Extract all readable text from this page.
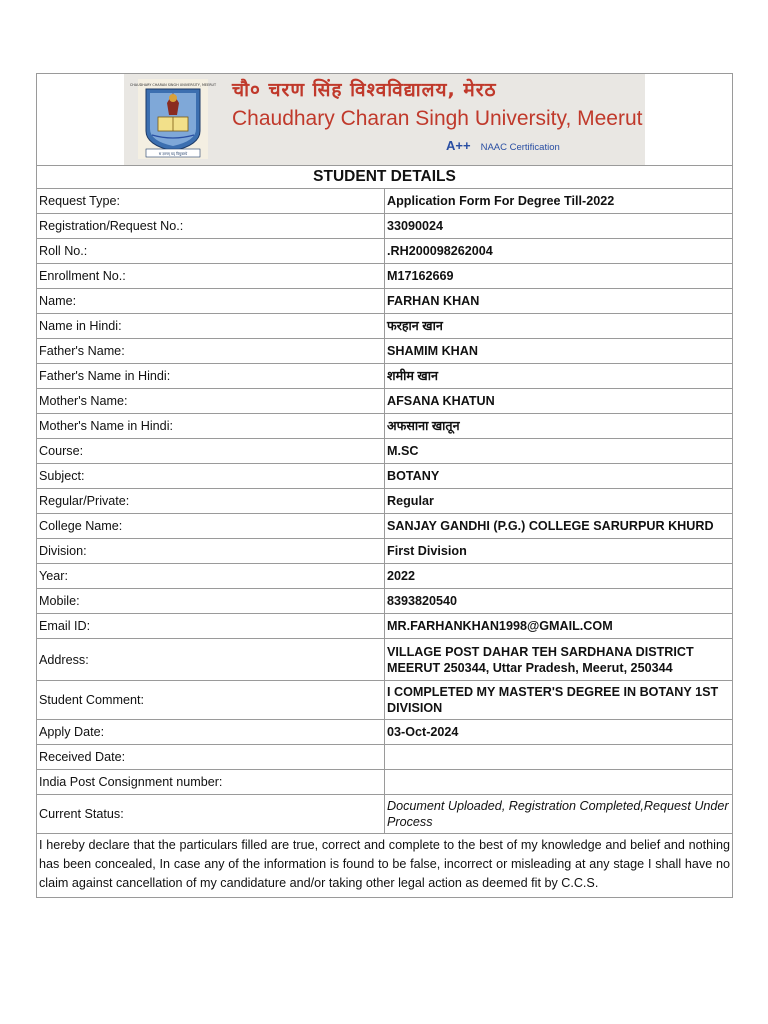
CHAUDHARY CHARAN SINGH UNIVERSITY, MEERUT
स ज्ञानम् यद् विमुक्तये
चौ० चरण सिंह विश्वविद्यालय, मेरठ
Chaudhary Charan Singh University, Meerut
A++ NAAC Certification	

STUDENT DETAILS	
Request Type:	Application Form For Degree Till-2022
Registration/Request No.:	33090024
Roll No.:	.RH200098262004
Enrollment No.:	M17162669
Name:	FARHAN KHAN
Name in Hindi:	फरहान खान
Father's Name:	SHAMIM KHAN
Father's Name in Hindi:	शमीम खान
Mother's Name:	AFSANA KHATUN
Mother's Name in Hindi:	अफसाना खातून
Course:	M.SC
Subject:	BOTANY
Regular/Private:	Regular
College Name:	SANJAY GANDHI (P.G.) COLLEGE SARURPUR KHURD
Division:	First Division
Year:	2022
Mobile:	8393820540
Email ID:	MR.FARHANKHAN1998@GMAIL.COM
Address:	VILLAGE POST DAHAR TEH SARDHANA DISTRICT MEERUT 250344, Uttar Pradesh, Meerut, 250344
Student Comment:	I COMPLETED MY MASTER'S DEGREE IN BOTANY 1ST DIVISION
Apply Date:	03-Oct-2024
Received Date:	
India Post Consignment number:	
Current Status:	Document Uploaded, Registration Completed,Request Under Process
I hereby declare that the particulars filled are true, correct and complete to the best of my knowledge and belief and nothing has been concealed, In case any of the information is found to be false, incorrect or misleading at any stage I shall have no claim against cancellation of my candidature and/or taking other legal action as deemed fit by C.C.S.	
